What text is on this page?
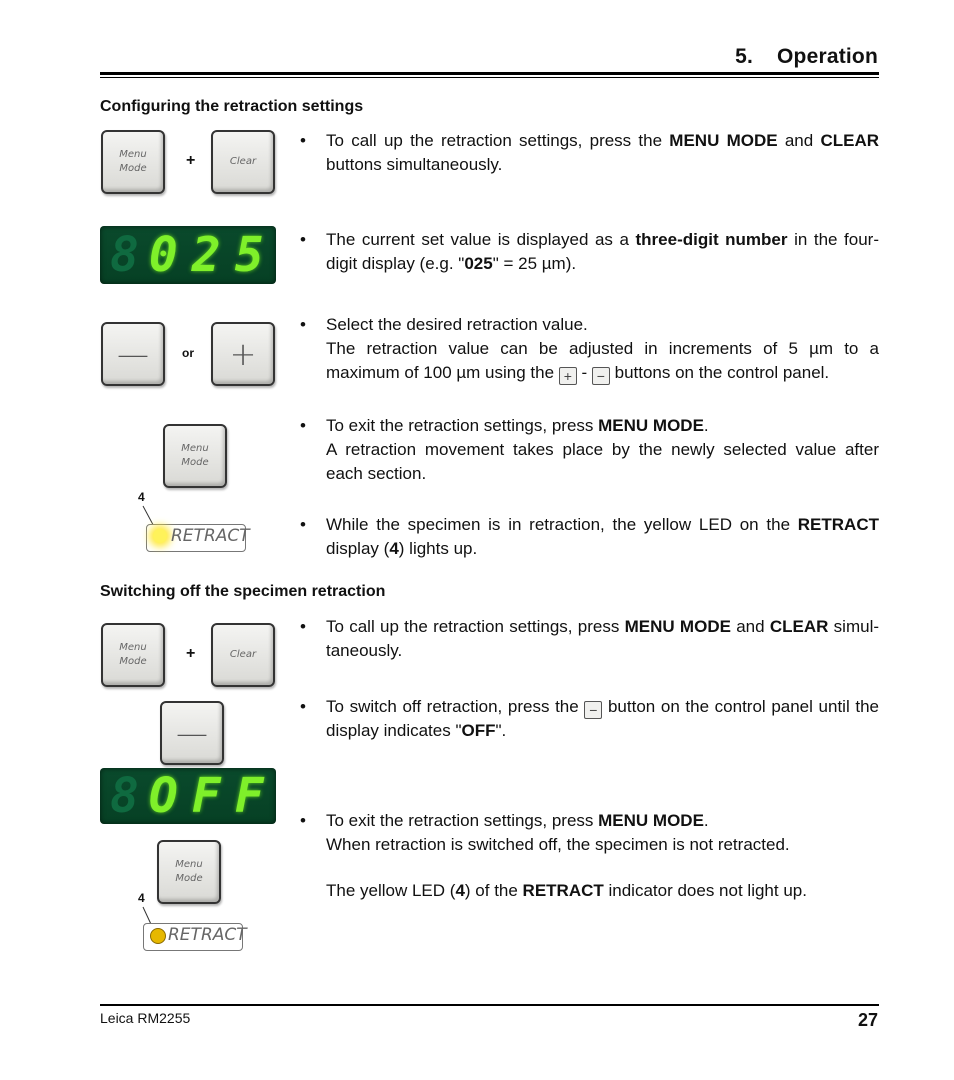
5. Operation
Configuring the retraction settings
Menu Mode	+	Clear
• To call up the retraction settings, press the MENU MODE and CLEAR buttons simultaneously.
8 025 • The current set value is displayed as a three-digit number in the four-digit display (e.g. "025" = 25 µm).
—	or +
• Select the desired retraction value.
The retraction value can be adjusted in increments of 5 µm to a maximum of 100 µm using the + - − buttons on the control panel.
Menu Mode
• To exit the retraction settings, press MENU MODE.
A retraction movement takes place by the newly selected value after each section.
4
RETRACT
• While the specimen is in retraction, the yellow LED on the RETRACT display (4) lights up.
Switching off the specimen retraction
Menu Mode	+	Clear
• To call up the retraction settings, press MENU MODE and CLEAR simul-taneously.
—
• To switch off retraction, press the − button on the control panel until the display indicates "OFF".
8 OFF
Menu Mode
• To exit the retraction settings, press MENU MODE.
When retraction is switched off, the specimen is not retracted.
The yellow LED (4) of the RETRACT indicator does not light up.
4
RETRACT
Leica RM2255	27
